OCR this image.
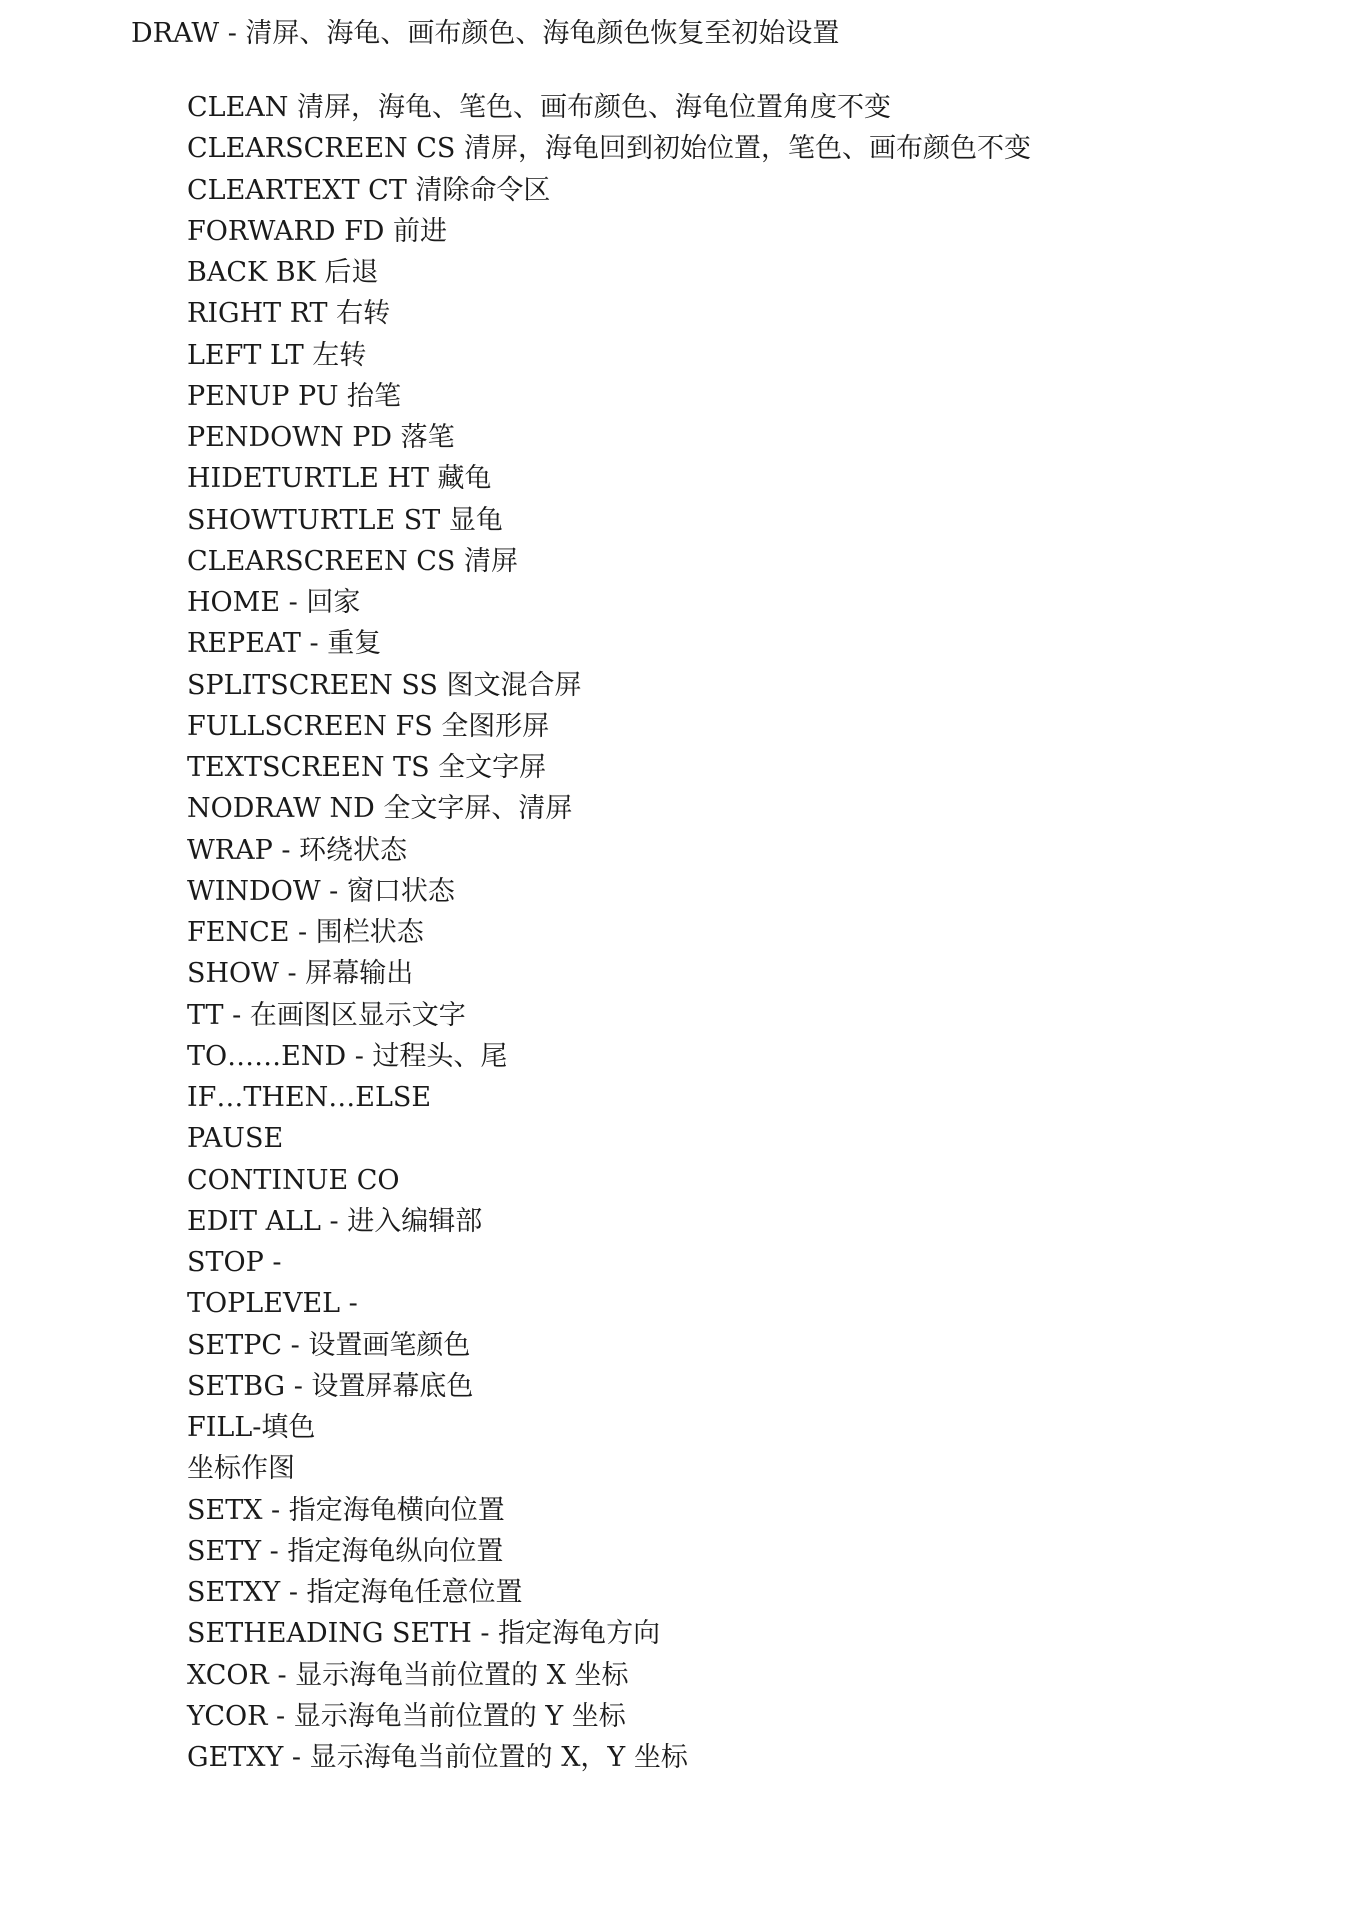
DRAW - 清屏、海龟、画布颜色、海龟颜色恢复至初始设置
CLEAN 清屏，海龟、笔色、画布颜色、海龟位置角度不变
CLEARSCREEN CS 清屏，海龟回到初始位置，笔色、画布颜色不变
CLEARTEXT CT 清除命令区
FORWARD FD 前进
BACK BK 后退
RIGHT RT 右转
LEFT LT 左转
PENUP PU 抬笔
PENDOWN PD 落笔
HIDETURTLE HT 藏龟
SHOWTURTLE ST 显龟
CLEARSCREEN CS 清屏
HOME - 回家
REPEAT - 重复
SPLITSCREEN SS 图文混合屏
FULLSCREEN FS 全图形屏
TEXTSCREEN TS 全文字屏
NODRAW ND 全文字屏、清屏
WRAP - 环绕状态
WINDOW - 窗口状态
FENCE - 围栏状态
SHOW - 屏幕输出
TT - 在画图区显示文字
TO……END - 过程头、尾
IF…THEN…ELSE
PAUSE
CONTINUE CO
EDIT ALL - 进入编辑部
STOP -
TOPLEVEL -
SETPC - 设置画笔颜色
SETBG - 设置屏幕底色
FILL-填色
坐标作图
SETX - 指定海龟横向位置
SETY - 指定海龟纵向位置
SETXY - 指定海龟任意位置
SETHEADING SETH - 指定海龟方向
XCOR - 显示海龟当前位置的 X 坐标
YCOR - 显示海龟当前位置的 Y 坐标
GETXY - 显示海龟当前位置的 X，Y 坐标
